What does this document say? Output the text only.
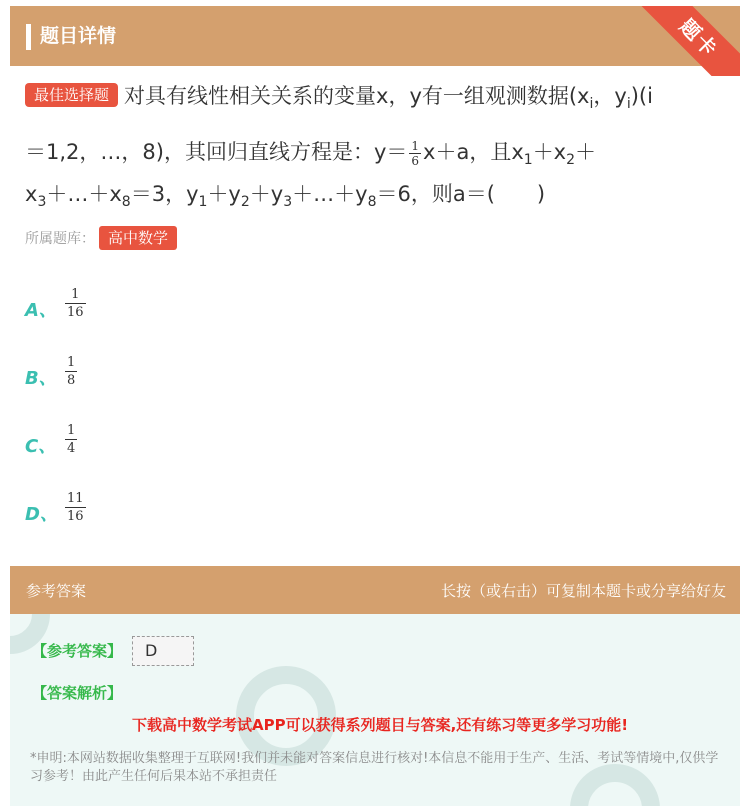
题目详情	题卡
最佳选择题 对具有线性相关关系的变量x，y有一组观测数据($x_i$，$y_i)(i$
＝1,2，…，8)，其回归直线方程是：$y= \frac{1}{6} x+a$，且$x_1+x_2+$
$x_3+\dots+x_8=3$，$y_1+y_2+y_3+\dots+y_8=6$，则a＝(　　)
所属题库： 高中数学
A、 $\frac{1}{16}$
B、 $\frac{1}{8}$
C、 $\frac{1}{4}$
D、 $\frac{11}{16}$
参考答案	长按（或右击）可复制本题卡或分享给好友
【参考答案】	D
【答案解析】
下载高中数学考试APP可以获得系列题目与答案,还有练习等更多学习功能!
*申明:本网站数据收集整理于互联网!我们并未能对答案信息进行核对!本信息不能用于生产、生活、考试等情境中,仅供学习参考！由此产生任何后果本站不承担责任
